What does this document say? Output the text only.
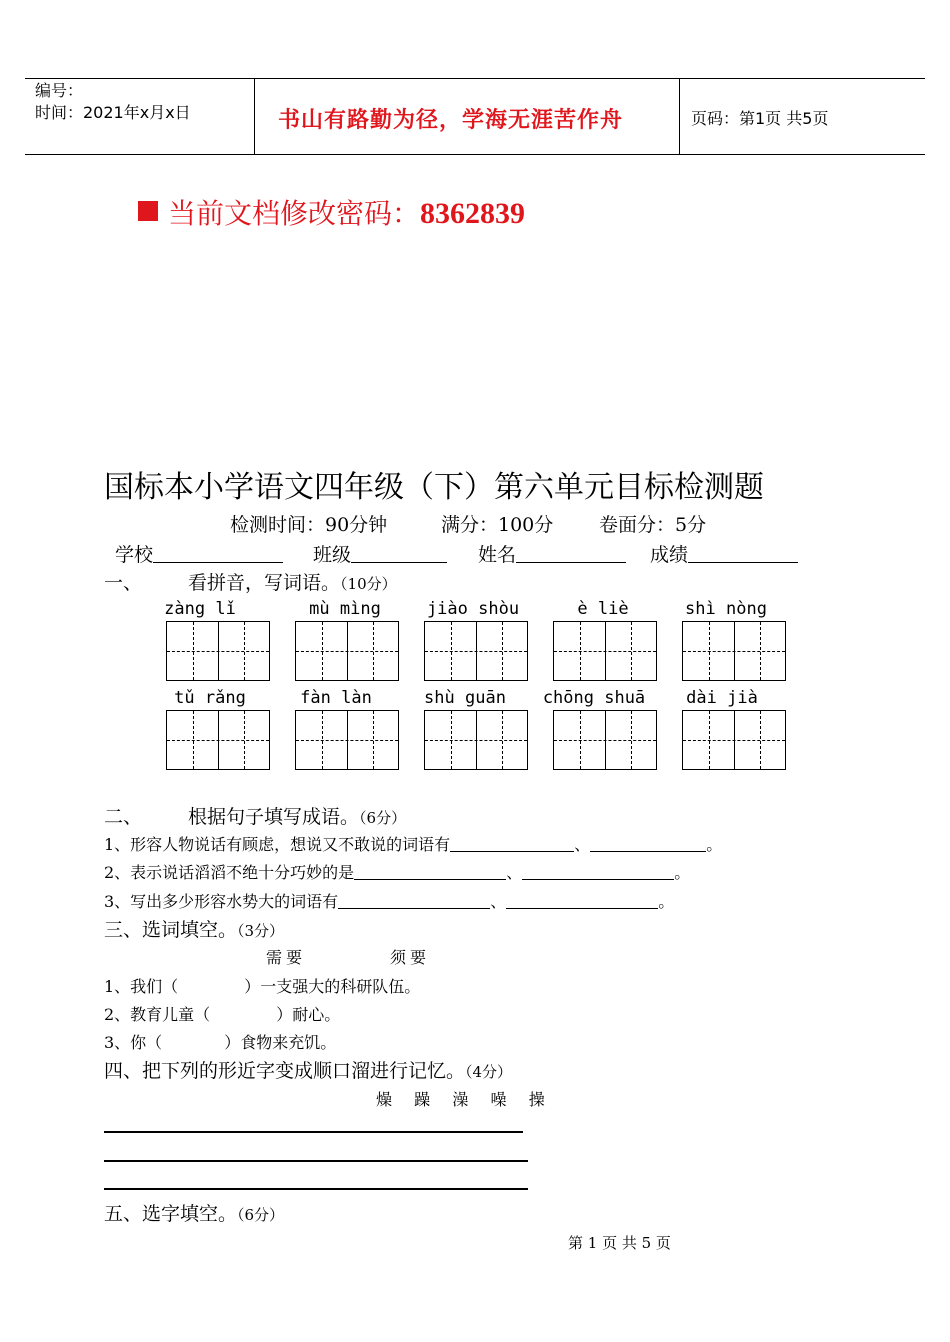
编号：
时间：2021年x月x日	书山有路勤为径，学海无涯苦作舟	页码：第1页 共5页
当前文档修改密码：8362839
国标本小学语文四年级（下）第六单元目标检测题
检测时间：90分钟	满分：100分 卷面分：5分
学校	班级	姓名	成绩
一、 看拼音，写词语。（10分）
zàng lǐ	mù mìng	jiào shòu	è liè	shì nòng
tǔ rǎng	fàn làn	shù guān	chōng shuā	dài jià
二、 根据句子填写成语。（6分）
1、形容人物说话有顾虑，想说又不敢说的词语有	、	。
2、表示说话滔滔不绝十分巧妙的是	、	。
3、写出多少形容水势大的词语有	、	。
三、选词填空。（3分）
需要	须要
1、我们（	）一支强大的科研队伍。
2、教育儿童（	）耐心。
3、你（	）食物来充饥。
四、把下列的形近字变成顺口溜进行记忆。（4分）
燥  躁  澡  噪  操
五、选字填空。（6分）
第 1 页 共 5 页
